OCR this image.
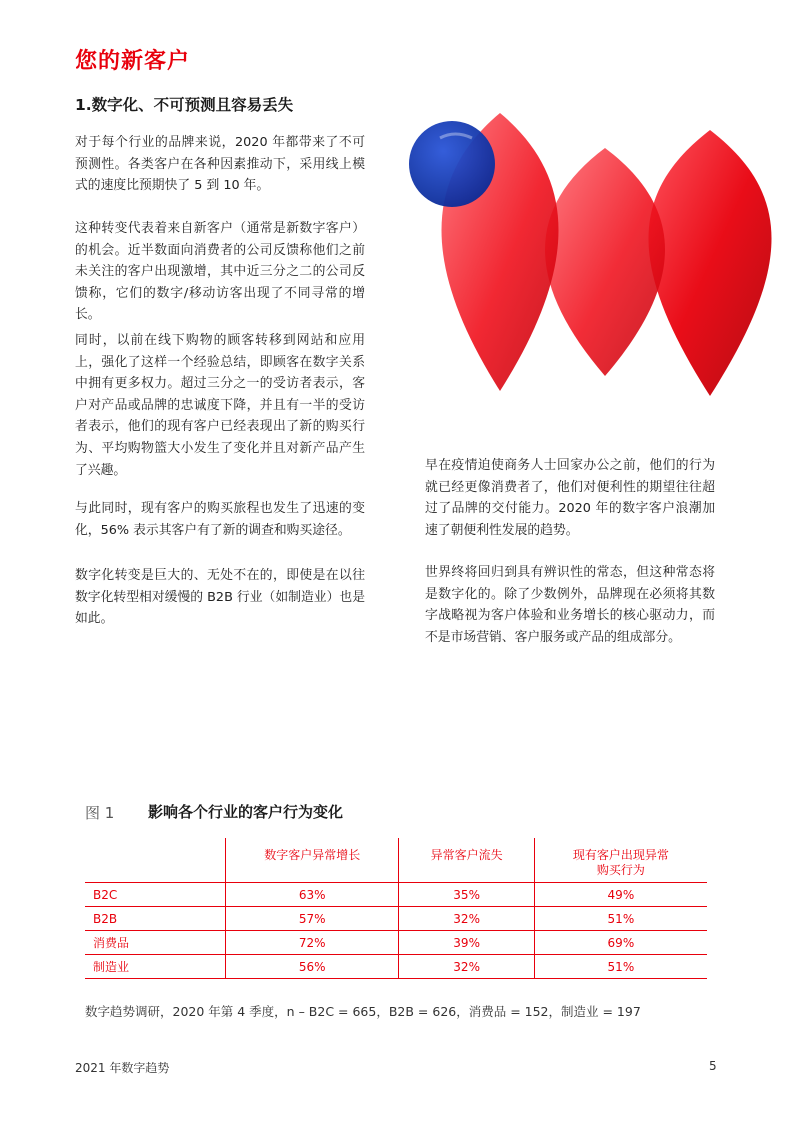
您的新客户
1.数字化、不可预测且容易丢失
对于每个行业的品牌来说，2020 年都带来了不可预测性。各类客户在各种因素推动下，采用线上模式的速度比预期快了 5 到 10 年。
这种转变代表着来自新客户（通常是新数字客户）的机会。近半数面向消费者的公司反馈称他们之前未关注的客户出现激增，其中近三分之二的公司反馈称，它们的数字/移动访客出现了不同寻常的增长。
同时，以前在线下购物的顾客转移到网站和应用上，强化了这样一个经验总结，即顾客在数字关系中拥有更多权力。超过三分之一的受访者表示，客户对产品或品牌的忠诚度下降，并且有一半的受访者表示，他们的现有客户已经表现出了新的购买行为、平均购物篮大小发生了变化并且对新产品产生了兴趣。
与此同时，现有客户的购买旅程也发生了迅速的变化，56% 表示其客户有了新的调查和购买途径。
数字化转变是巨大的、无处不在的，即使是在以往数字化转型相对缓慢的 B2B 行业（如制造业）也是如此。
早在疫情迫使商务人士回家办公之前，他们的行为就已经更像消费者了，他们对便利性的期望往往超过了品牌的交付能力。2020 年的数字客户浪潮加速了朝便利性发展的趋势。
世界终将回归到具有辨识性的常态，但这种常态将是数字化的。除了少数例外，品牌现在必须将其数字战略视为客户体验和业务增长的核心驱动力，而不是市场营销、客户服务或产品的组成部分。
图 1 影响各个行业的客户行为变化
	数字客户异常增长	异常客户流失	现有客户出现异常
购买行为
B2C	63%	35%	49%
B2B	57%	32%	51%
消费品	72%	39%	69%
制造业	56%	32%	51%
数字趋势调研，2020 年第 4 季度，n – B2C = 665，B2B = 626，消费品 = 152，制造业 = 197
2021 年数字趋势	5
